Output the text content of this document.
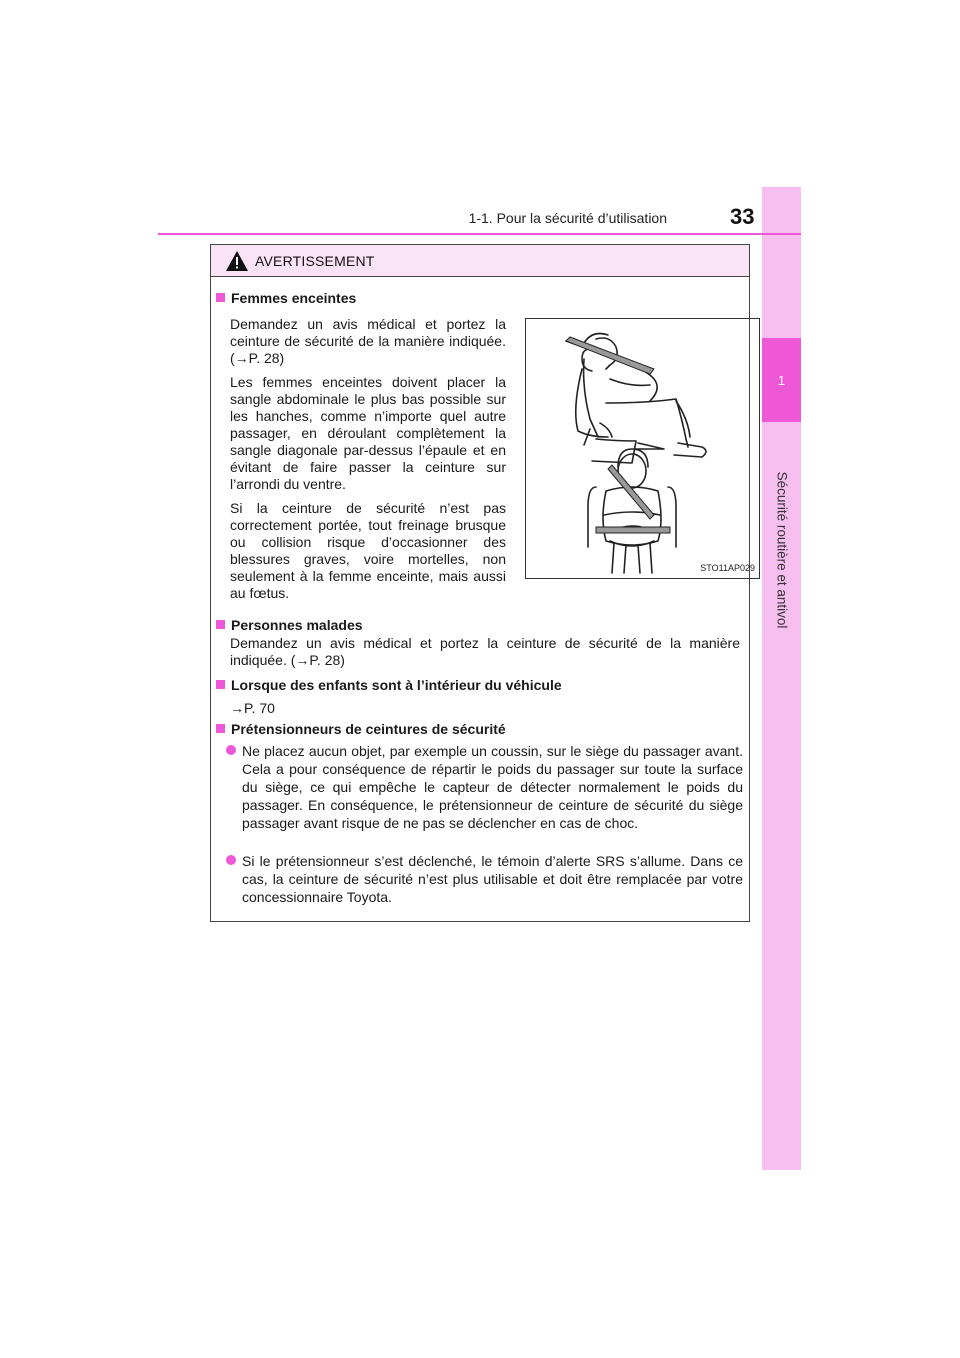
1
Sécurité routière et antivol
1-1. Pour la sécurité d’utilisation	33
AVERTISSEMENT
Femmes enceintes
Demandez un avis médical et portez la ceinture de sécurité de la manière indiquée. (→P. 28)
Les femmes enceintes doivent placer la sangle abdominale le plus bas possible sur les hanches, comme n’importe quel autre passager, en déroulant complètement la sangle diagonale par-dessus l’épaule et en évitant de faire passer la ceinture sur l’arrondi du ventre.
Si la ceinture de sécurité n’est pas correctement portée, tout freinage brusque ou collision risque d’occasionner des blessures graves, voire mortelles, non seulement à la femme enceinte, mais aussi au fœtus.
Personnes malades
Demandez un avis médical et portez la ceinture de sécurité de la manière indiquée. (→P. 28)
Lorsque des enfants sont à l’intérieur du véhicule
→P. 70
Prétensionneurs de ceintures de sécurité
Ne placez aucun objet, par exemple un coussin, sur le siège du passager avant. Cela a pour conséquence de répartir le poids du passager sur toute la surface du siège, ce qui empêche le capteur de détecter normalement le poids du passager. En conséquence, le prétensionneur de ceinture de sécurité du siège passager avant risque de ne pas se déclencher en cas de choc.
Si le prétensionneur s’est déclenché, le témoin d’alerte SRS s’allume. Dans ce cas, la ceinture de sécurité n’est plus utilisable et doit être remplacée par votre concessionnaire Toyota.
STO11AP029
